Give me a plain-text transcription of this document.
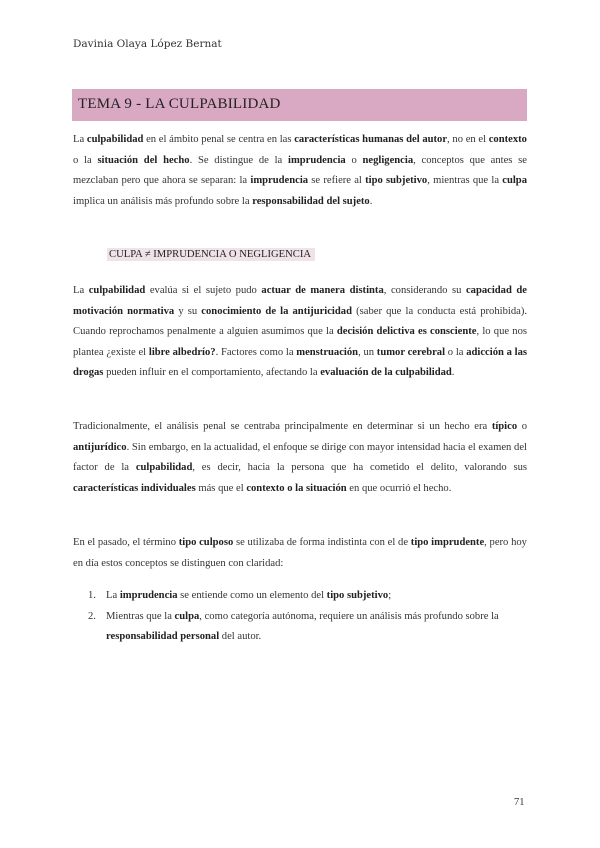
Davinia Olaya López Bernat
TEMA 9 - LA CULPABILIDAD
La culpabilidad en el ámbito penal se centra en las características humanas del autor, no en el contexto o la situación del hecho. Se distingue de la imprudencia o negligencia, conceptos que antes se mezclaban pero que ahora se separan: la imprudencia se refiere al tipo subjetivo, mientras que la culpa implica un análisis más profundo sobre la responsabilidad del sujeto.
CULPA ≠ IMPRUDENCIA O NEGLIGENCIA
La culpabilidad evalúa si el sujeto pudo actuar de manera distinta, considerando su capacidad de motivación normativa y su conocimiento de la antijuricidad (saber que la conducta está prohibida). Cuando reprochamos penalmente a alguien asumimos que la decisión delictiva es consciente, lo que nos plantea ¿existe el libre albedrío?. Factores como la menstruación, un tumor cerebral o la adicción a las drogas pueden influir en el comportamiento, afectando la evaluación de la culpabilidad.
Tradicionalmente, el análisis penal se centraba principalmente en determinar si un hecho era típico o antijurídico. Sin embargo, en la actualidad, el enfoque se dirige con mayor intensidad hacia el examen del factor de la culpabilidad, es decir, hacia la persona que ha cometido el delito, valorando sus características individuales más que el contexto o la situación en que ocurrió el hecho.
En el pasado, el término tipo culposo se utilizaba de forma indistinta con el de tipo imprudente, pero hoy en día estos conceptos se distinguen con claridad:
1. La imprudencia se entiende como un elemento del tipo subjetivo;
2. Mientras que la culpa, como categoría autónoma, requiere un análisis más profundo sobre la responsabilidad personal del autor.
71
